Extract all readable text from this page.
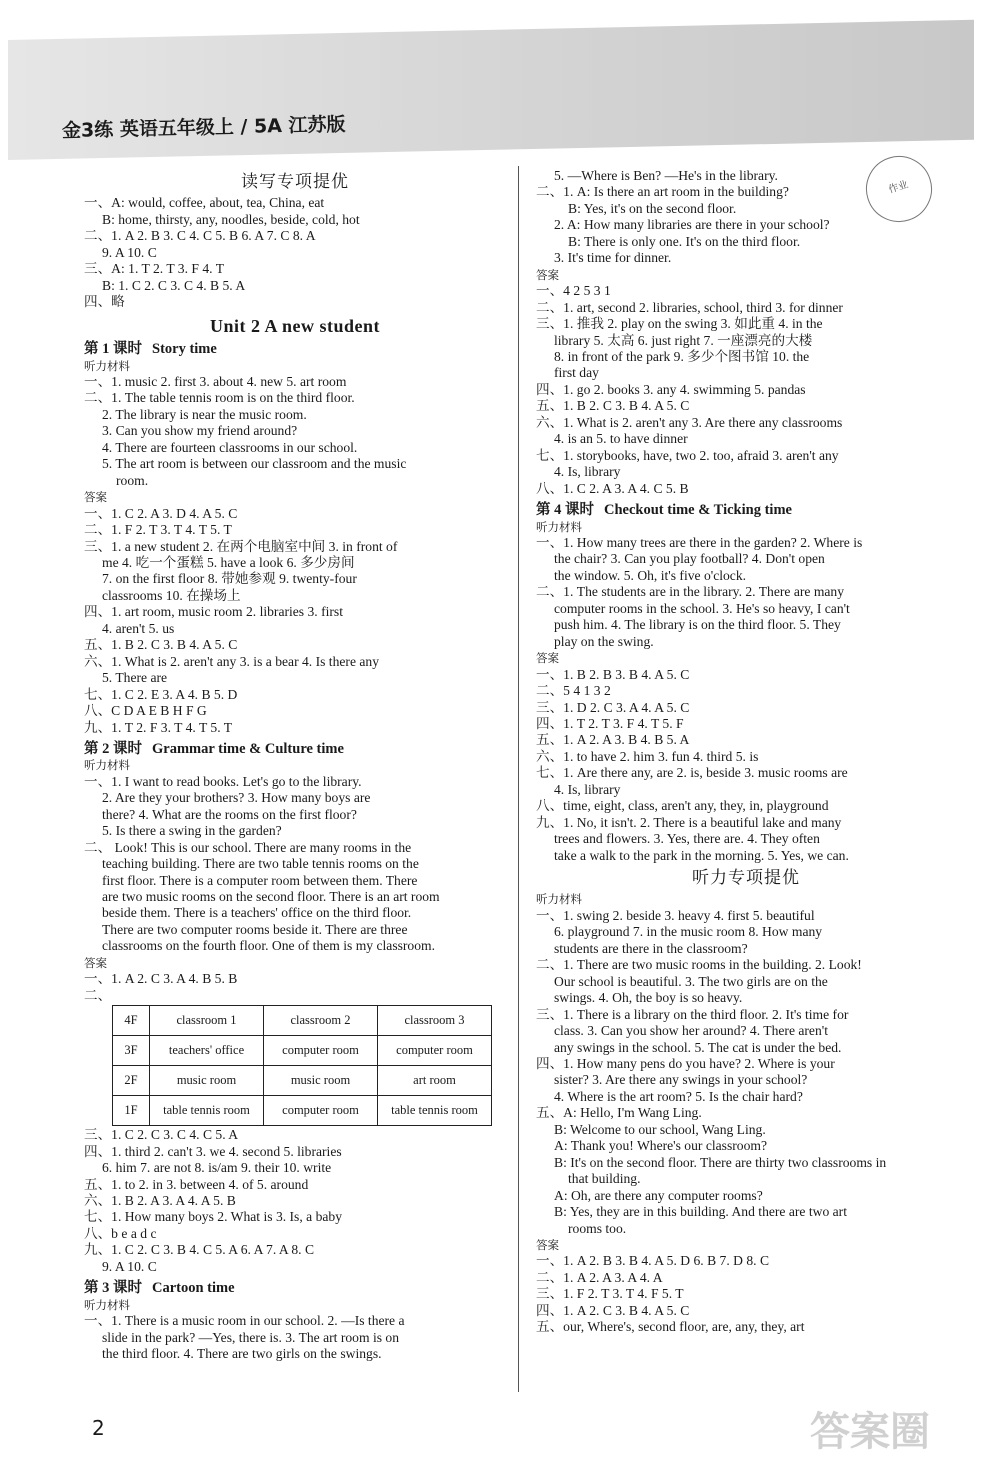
金3练 英语五年级上 / 5A 江苏版
读写专项提优
一、A: would, coffee, about, tea, China, eat
B: home, thirsty, any, noodles, beside, cold, hot
二、1. A 2. B 3. C 4. C 5. B 6. A 7. C 8. A
9. A 10. C
三、A: 1. T 2. T 3. F 4. T
B: 1. C 2. C 3. C 4. B 5. A
四、略
Unit 2 A new student
第 1 课时 Story time
听力材料
一、1. music 2. first 3. about 4. new 5. art room
二、1. The table tennis room is on the third floor.
2. The library is near the music room.
3. Can you show my friend around?
4. There are fourteen classrooms in our school.
5. The art room is between our classroom and the music
room.
答案
一、1. C 2. A 3. D 4. A 5. C
二、1. F 2. T 3. T 4. T 5. T
三、1. a new student 2. 在两个电脑室中间 3. in front of
me 4. 吃一个蛋糕 5. have a look 6. 多少房间
7. on the first floor 8. 带她参观 9. twenty-four
classrooms 10. 在操场上
四、1. art room, music room 2. libraries 3. first
4. aren't 5. us
五、1. B 2. C 3. B 4. A 5. C
六、1. What is 2. aren't any 3. is a bear 4. Is there any
5. There are
七、1. C 2. E 3. A 4. B 5. D
八、C D A E B H F G
九、1. T 2. F 3. T 4. T 5. T
第 2 课时 Grammar time & Culture time
听力材料
一、1. I want to read books. Let's go to the library.
2. Are they your brothers? 3. How many boys are
there? 4. What are the rooms on the first floor?
5. Is there a swing in the garden?
二、 Look! This is our school. There are many rooms in the
teaching building. There are two table tennis rooms on the
first floor. There is a computer room between them. There
are two music rooms on the second floor. There is an art room
beside them. There is a teachers' office on the third floor.
There are two computer rooms beside it. There are three
classrooms on the fourth floor. One of them is my classroom.
答案
一、1. A 2. C 3. A 4. B 5. B
二、
4F	classroom 1	classroom 2	classroom 3
3F	teachers' office	computer room	computer room
2F	music room	music room	art room
1F	table tennis room	computer room	table tennis room
三、1. C 2. C 3. C 4. C 5. A
四、1. third 2. can't 3. we 4. second 5. libraries
6. him 7. are not 8. is/am 9. their 10. write
五、1. to 2. in 3. between 4. of 5. around
六、1. B 2. A 3. A 4. A 5. B
七、1. How many boys 2. What is 3. Is, a baby
八、b e a d c
九、1. C 2. C 3. B 4. C 5. A 6. A 7. A 8. C
9. A 10. C
第 3 课时 Cartoon time
听力材料
一、1. There is a music room in our school. 2. —Is there a
slide in the park? —Yes, there is. 3. The art room is on
the third floor. 4. There are two girls on the swings.
5. —Where is Ben? —He's in the library.
二、1. A: Is there an art room in the building?
B: Yes, it's on the second floor.
2. A: How many libraries are there in your school?
B: There is only one. It's on the third floor.
3. It's time for dinner.
答案
一、4 2 5 3 1
二、1. art, second 2. libraries, school, third 3. for dinner
三、1. 推我 2. play on the swing 3. 如此重 4. in the
library 5. 太高 6. just right 7. 一座漂亮的大楼
8. in front of the park 9. 多少个图书馆 10. the
first day
四、1. go 2. books 3. any 4. swimming 5. pandas
五、1. B 2. C 3. B 4. A 5. C
六、1. What is 2. aren't any 3. Are there any classrooms
4. is an 5. to have dinner
七、1. storybooks, have, two 2. too, afraid 3. aren't any
4. Is, library
八、1. C 2. A 3. A 4. C 5. B
第 4 课时 Checkout time & Ticking time
听力材料
一、1. How many trees are there in the garden? 2. Where is
the chair? 3. Can you play football? 4. Don't open
the window. 5. Oh, it's five o'clock.
二、1. The students are in the library. 2. There are many
computer rooms in the school. 3. He's so heavy, I can't
push him. 4. The library is on the third floor. 5. They
play on the swing.
答案
一、1. B 2. B 3. B 4. A 5. C
二、5 4 1 3 2
三、1. D 2. C 3. A 4. A 5. C
四、1. T 2. T 3. F 4. T 5. F
五、1. A 2. A 3. B 4. B 5. A
六、1. to have 2. him 3. fun 4. third 5. is
七、1. Are there any, are 2. is, beside 3. music rooms are
4. Is, library
八、time, eight, class, aren't any, they, in, playground
九、1. No, it isn't. 2. There is a beautiful lake and many
trees and flowers. 3. Yes, there are. 4. They often
take a walk to the park in the morning. 5. Yes, we can.
听力专项提优
听力材料
一、1. swing 2. beside 3. heavy 4. first 5. beautiful
6. playground 7. in the music room 8. How many
students are there in the classroom?
二、1. There are two music rooms in the building. 2. Look!
Our school is beautiful. 3. The two girls are on the
swings. 4. Oh, the boy is so heavy.
三、1. There is a library on the third floor. 2. It's time for
class. 3. Can you show her around? 4. There aren't
any swings in the school. 5. The cat is under the bed.
四、1. How many pens do you have? 2. Where is your
sister? 3. Are there any swings in your school?
4. Where is the art room? 5. Is the chair hard?
五、A: Hello, I'm Wang Ling.
B: Welcome to our school, Wang Ling.
A: Thank you! Where's our classroom?
B: It's on the second floor. There are thirty two classrooms in
that building.
A: Oh, are there any computer rooms?
B: Yes, they are in this building. And there are two art
rooms too.
答案
一、1. A 2. B 3. B 4. A 5. D 6. B 7. D 8. C
二、1. A 2. A 3. A 4. A
三、1. F 2. T 3. T 4. F 5. T
四、1. A 2. C 3. B 4. A 5. C
五、our, Where's, second floor, are, any, they, art
作业
2	答案圈
